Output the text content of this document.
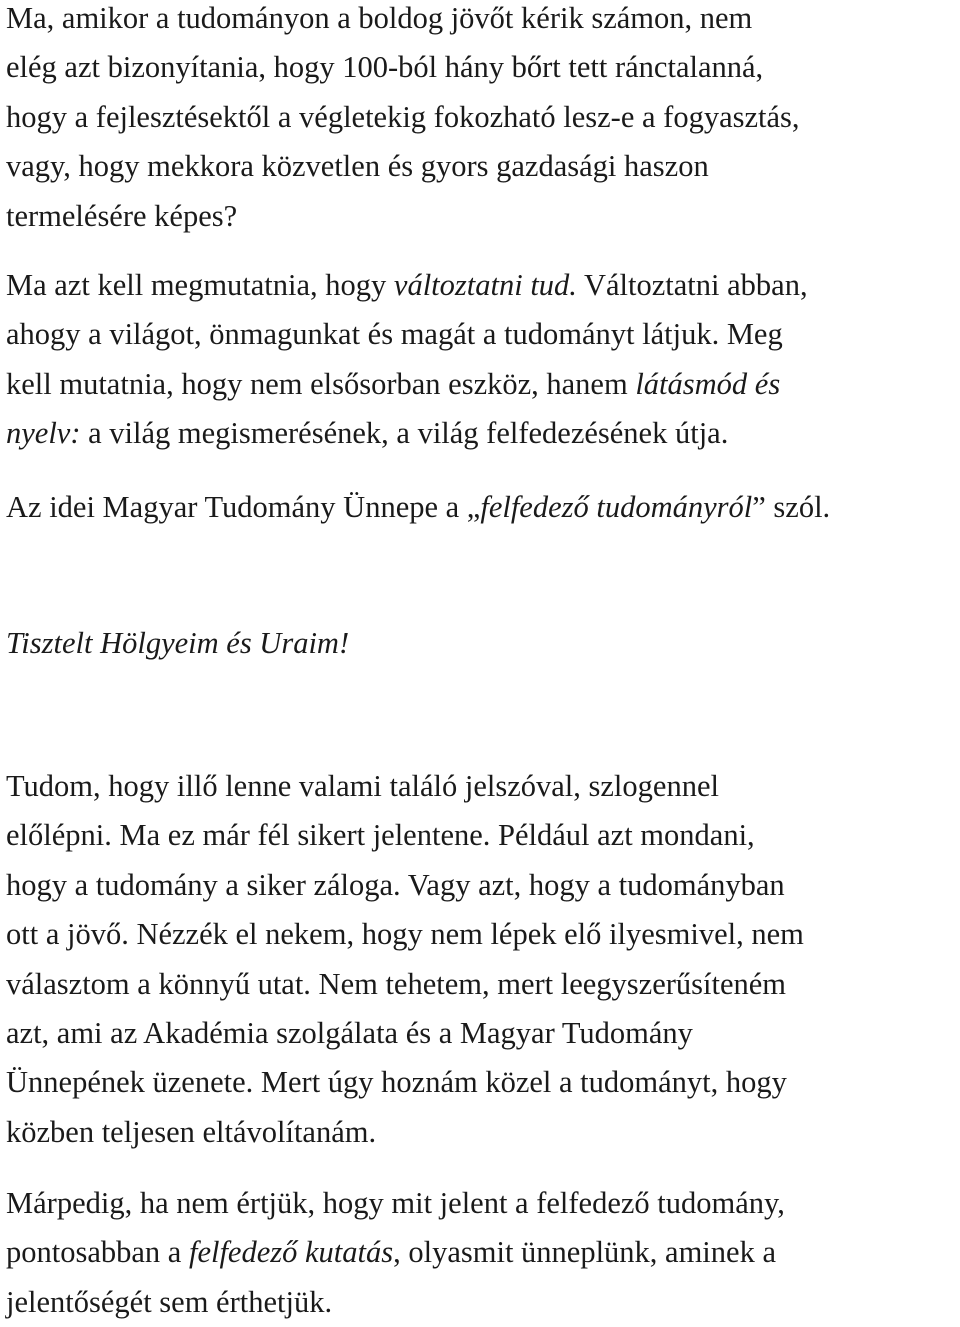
Ma, amikor a tudományon a boldog jövőt kérik számon, nem
elég azt bizonyítania, hogy 100-ból hány bőrt tett ránctalanná,
hogy a fejlesztésektől a végletekig fokozható lesz-e a fogyasztás,
vagy, hogy mekkora közvetlen és gyors gazdasági haszon
termelésére képes?

Ma azt kell megmutatnia, hogy változtatni tud. Változtatni abban,
ahogy a világot, önmagunkat és magát a tudományt látjuk. Meg
kell mutatnia, hogy nem elsősorban eszköz, hanem látásmód és
nyelv: a világ megismerésének, a világ felfedezésének útja.

Az idei Magyar Tudomány Ünnepe a „felfedező tudományról” szól.

Tisztelt Hölgyeim és Uraim!

Tudom, hogy illő lenne valami találó jelszóval, szlogennel
előlépni. Ma ez már fél sikert jelentene. Például azt mondani,
hogy a tudomány a siker záloga. Vagy azt, hogy a tudományban
ott a jövő. Nézzék el nekem, hogy nem lépek elő ilyesmivel, nem
választom a könnyű utat. Nem tehetem, mert leegyszerűsíteném
azt, ami az Akadémia szolgálata és a Magyar Tudomány
Ünnepének üzenete. Mert úgy hoznám közel a tudományt, hogy
közben teljesen eltávolítanám.

Márpedig, ha nem értjük, hogy mit jelent a felfedező tudomány,
pontosabban a felfedező kutatás, olyasmit ünneplünk, aminek a
jelentőségét sem érthetjük.
